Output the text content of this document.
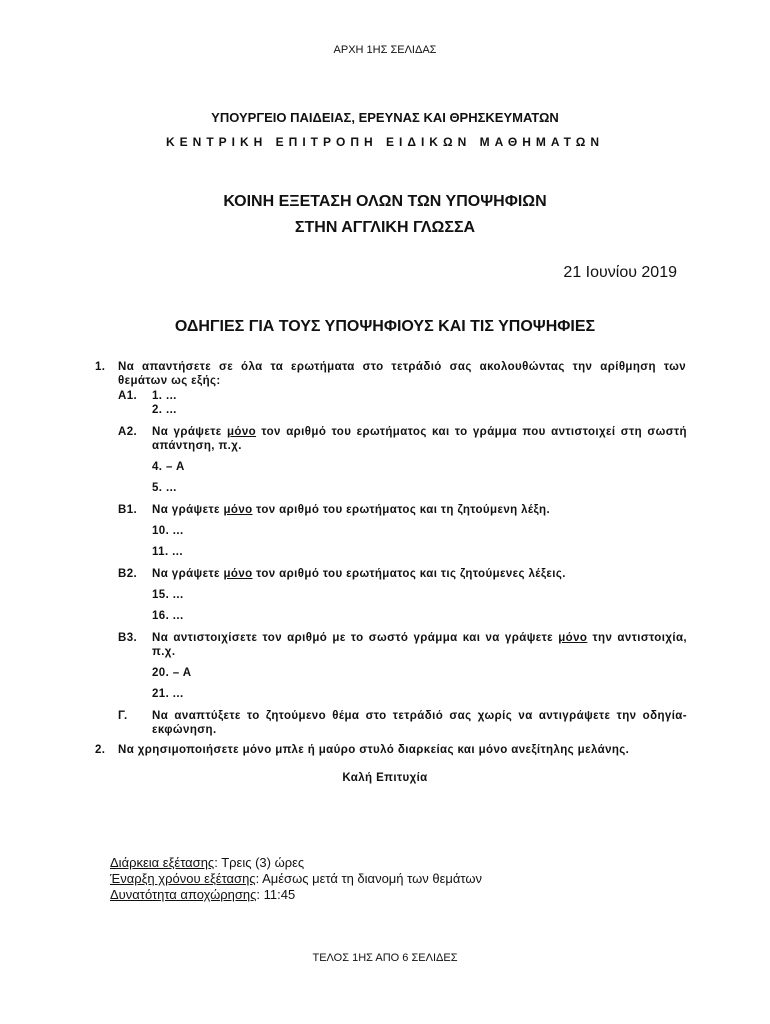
ΑΡΧΗ 1ΗΣ ΣΕΛΙΔΑΣ
ΥΠΟΥΡΓΕΙΟ ΠΑΙΔΕΙΑΣ, ΕΡΕΥΝΑΣ ΚΑΙ ΘΡΗΣΚΕΥΜΑΤΩΝ
ΚΕΝΤΡΙΚΗ ΕΠΙΤΡΟΠΗ ΕΙΔΙΚΩΝ ΜΑΘΗΜΑΤΩΝ
ΚΟΙΝΗ ΕΞΕΤΑΣΗ ΟΛΩΝ ΤΩΝ ΥΠΟΨΗΦΙΩΝ
ΣΤΗΝ ΑΓΓΛΙΚΗ ΓΛΩΣΣΑ
21 Ιουνίου 2019
ΟΔΗΓΙΕΣ ΓΙΑ ΤΟΥΣ ΥΠΟΨΗΦΙΟΥΣ ΚΑΙ ΤΙΣ ΥΠΟΨΗΦΙΕΣ
1. Να απαντήσετε σε όλα τα ερωτήματα στο τετράδιό σας ακολουθώντας την αρίθμηση των θεμάτων ως εξής:
Α1. 1. ...
2. ...
Α2. Να γράψετε μόνο τον αριθμό του ερωτήματος και το γράμμα που αντιστοιχεί στη σωστή απάντηση, π.χ.
4. – Α
5. ...
Β1. Να γράψετε μόνο τον αριθμό του ερωτήματος και τη ζητούμενη λέξη.
10. ...
11. ...
Β2. Να γράψετε μόνο τον αριθμό του ερωτήματος και τις ζητούμενες λέξεις.
15. ...
16. ...
Β3. Να αντιστοιχίσετε τον αριθμό με το σωστό γράμμα και να γράψετε μόνο την αντιστοιχία, π.χ.
20. – Α
21. ...
Γ. Να αναπτύξετε το ζητούμενο θέμα στο τετράδιό σας χωρίς να αντιγράψετε την οδηγία-εκφώνηση.
2. Να χρησιμοποιήσετε μόνο μπλε ή μαύρο στυλό διαρκείας και μόνο ανεξίτηλης μελάνης.
Καλή Επιτυχία
Διάρκεια εξέτασης: Τρεις (3) ώρες
Έναρξη χρόνου εξέτασης: Αμέσως μετά τη διανομή των θεμάτων
Δυνατότητα αποχώρησης: 11:45
ΤΕΛΟΣ 1ΗΣ ΑΠΟ 6 ΣΕΛΙΔΕΣ
